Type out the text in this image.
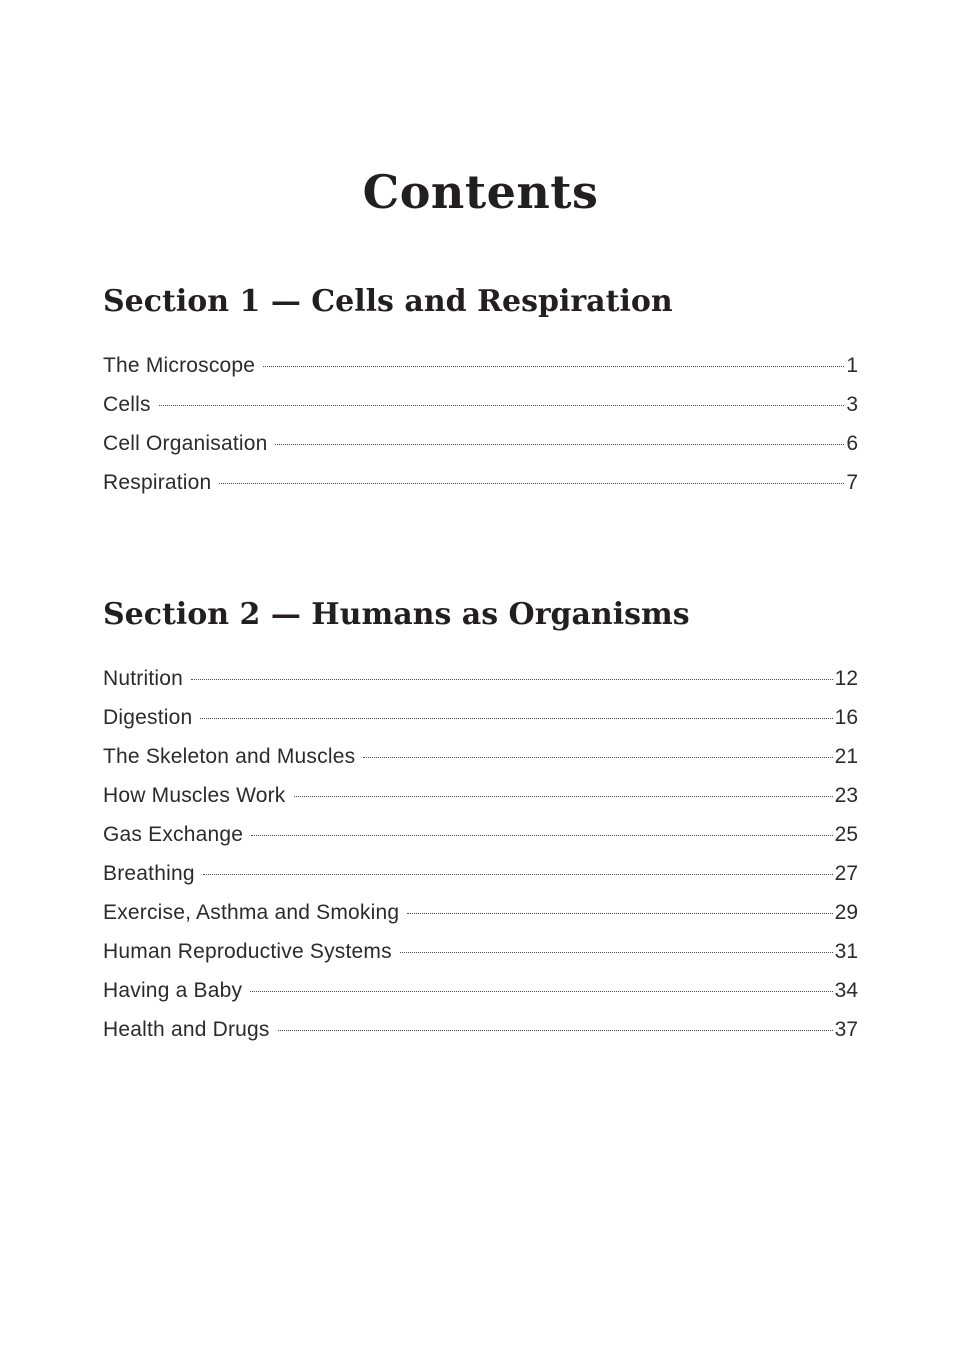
Contents
Section 1 — Cells and Respiration
The Microscope	1
Cells	3
Cell Organisation	6
Respiration	7
Section 2 — Humans as Organisms
Nutrition	12
Digestion	16
The Skeleton and Muscles	21
How Muscles Work	23
Gas Exchange	25
Breathing	27
Exercise, Asthma and Smoking	29
Human Reproductive Systems	31
Having a Baby	34
Health and Drugs	37
